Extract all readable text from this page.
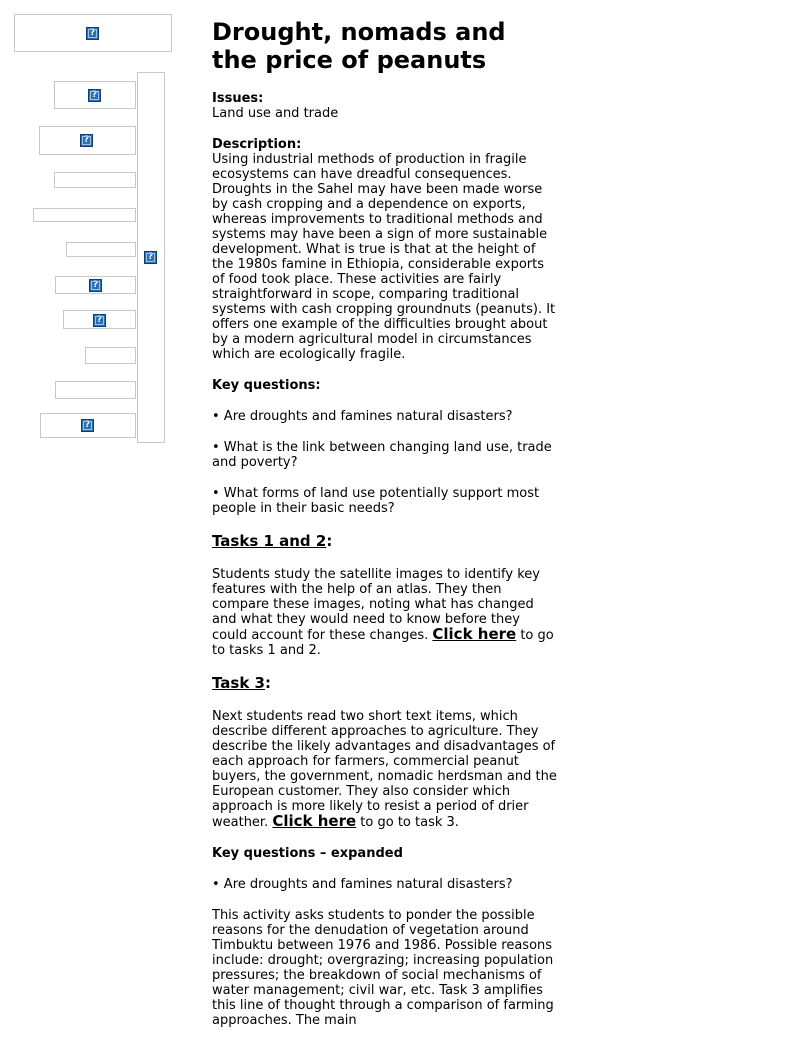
?
?
?
?
?
?
?
Drought, nomads and the price of peanuts

Issues:
Land use and trade

Description:
Using industrial methods of production in fragile ecosystems can have dreadful consequences. Droughts in the Sahel may have been made worse by cash cropping and a dependence on exports, whereas improvements to traditional methods and systems may have been a sign of more sustainable development. What is true is that at the height of the 1980s famine in Ethiopia, considerable exports of food took place. These activities are fairly straightforward in scope, comparing traditional systems with cash cropping groundnuts (peanuts). It offers one example of the difficulties brought about by a modern agricultural model in circumstances which are ecologically fragile.

Key questions:

• Are droughts and famines natural disasters?

• What is the link between changing land use, trade and poverty?

• What forms of land use potentially support most people in their basic needs?

Tasks 1 and 2:

Students study the satellite images to identify key features with the help of an atlas. They then compare these images, noting what has changed and what they would need to know before they could account for these changes. Click here to go to tasks 1 and 2.

Task 3:

Next students read two short text items, which describe different approaches to agriculture. They describe the likely advantages and disadvantages of each approach for farmers, commercial peanut buyers, the government, nomadic herdsman and the European customer. They also consider which approach is more likely to resist a period of drier weather. Click here to go to task 3.

Key questions – expanded

• Are droughts and famines natural disasters?

This activity asks students to ponder the possible reasons for the denudation of vegetation around Timbuktu between 1976 and 1986. Possible reasons include: drought; overgrazing; increasing population pressures; the breakdown of social mechanisms of water management; civil war, etc. Task 3 amplifies this line of thought through a comparison of farming approaches. The main
